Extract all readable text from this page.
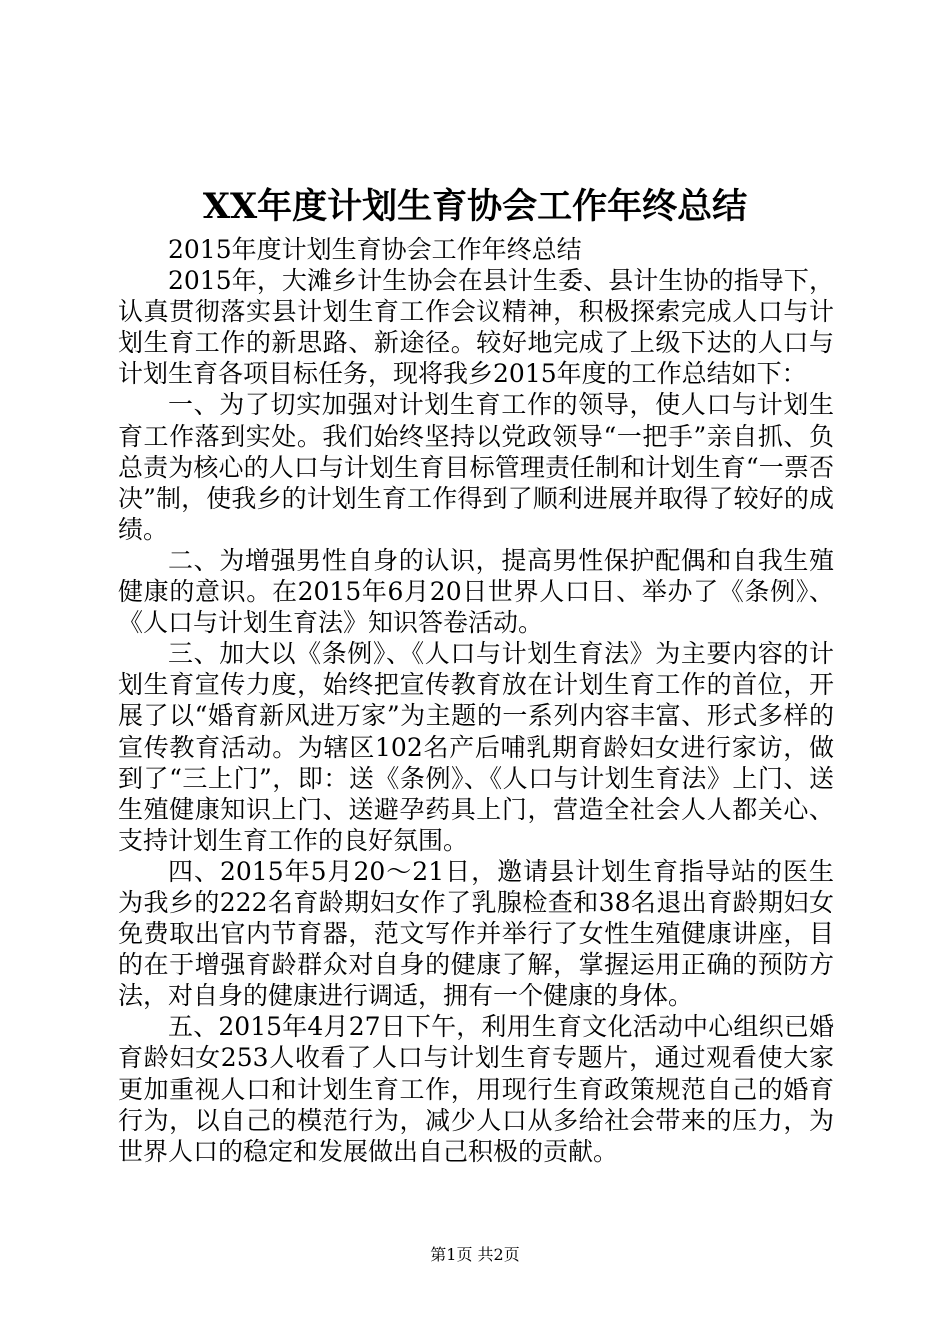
XX年度计划生育协会工作年终总结

2015年度计划生育协会工作年终总结

2015年，大滩乡计生协会在县计生委、县计生协的指导下，认真贯彻落实县计划生育工作会议精神，积极探索完成人口与计划生育工作的新思路、新途径。较好地完成了上级下达的人口与计划生育各项目标任务，现将我乡2015年度的工作总结如下：

一、为了切实加强对计划生育工作的领导，使人口与计划生育工作落到实处。我们始终坚持以党政领导“一把手”亲自抓、负总责为核心的人口与计划生育目标管理责任制和计划生育“一票否决”制，使我乡的计划生育工作得到了顺利进展并取得了较好的成绩。

二、为增强男性自身的认识，提高男性保护配偶和自我生殖健康的意识。在2015年6月20日世界人口日、举办了《条例》、《人口与计划生育法》知识答卷活动。

三、加大以《条例》、《人口与计划生育法》为主要内容的计划生育宣传力度，始终把宣传教育放在计划生育工作的首位，开展了以“婚育新风进万家”为主题的一系列内容丰富、形式多样的宣传教育活动。为辖区102名产后哺乳期育龄妇女进行家访，做到了“三上门”，即：送《条例》、《人口与计划生育法》上门、送生殖健康知识上门、送避孕药具上门，营造全社会人人都关心、支持计划生育工作的良好氛围。

四、2015年5月20～21日，邀请县计划生育指导站的医生为我乡的222名育龄期妇女作了乳腺检查和38名退出育龄期妇女免费取出官内节育器，范文写作并举行了女性生殖健康讲座，目的在于增强育龄群众对自身的健康了解，掌握运用正确的预防方法，对自身的健康进行调适，拥有一个健康的身体。

五、2015年4月27日下午，利用生育文化活动中心组织已婚育龄妇女253人收看了人口与计划生育专题片，通过观看使大家更加重视人口和计划生育工作，用现行生育政策规范自己的婚育行为，以自己的模范行为，减少人口从多给社会带来的压力，为世界人口的稳定和发展做出自己积极的贡献。

第1页 共2页
